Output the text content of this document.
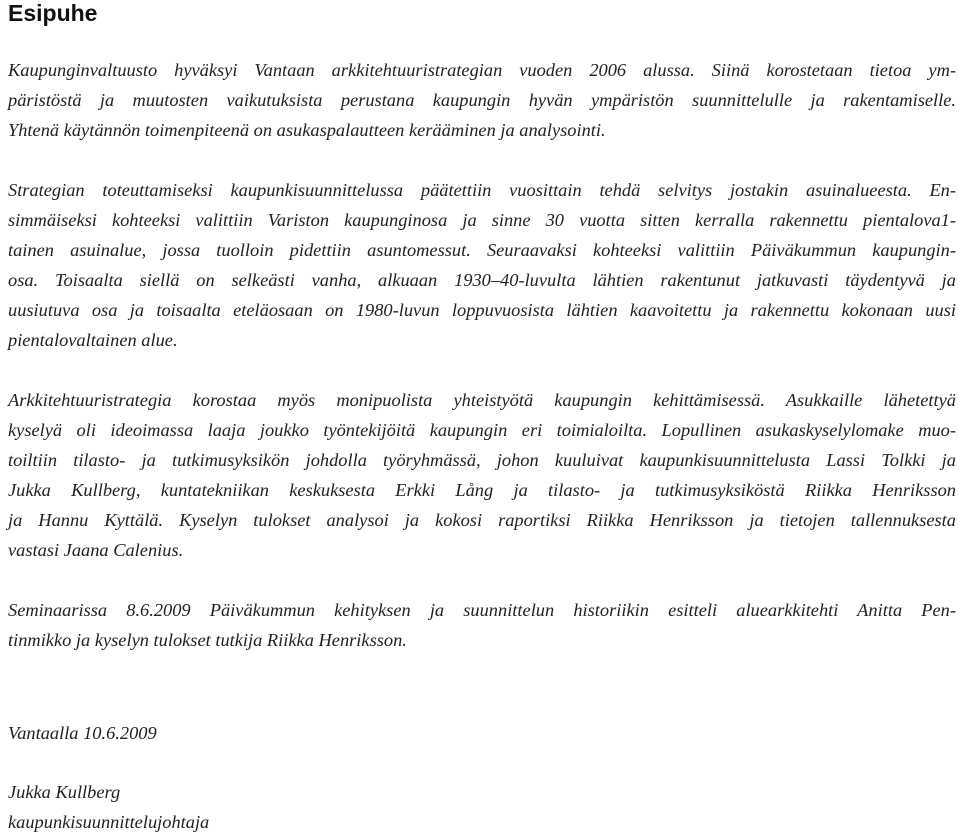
Esipuhe
Kaupunginvaltuusto hyväksyi Vantaan arkkitehtuuristrategian vuoden 2006 alussa. Siinä korostetaan tietoa ym-
päristöstä ja muutosten vaikutuksista perustana kaupungin hyvän ympäristön suunnittelulle ja rakentamiselle.
Yhtenä käytännön toimenpiteenä on asukaspalautteen kerääminen ja analysointi.
Strategian toteuttamiseksi kaupunkisuunnittelussa päätettiin vuosittain tehdä selvitys jostakin asuinalueesta. En-
simmäiseksi kohteeksi valittiin Variston kaupunginosa ja sinne 30 vuotta sitten kerralla rakennettu pientalova1-
tainen asuinalue, jossa tuolloin pidettiin asuntomessut. Seuraavaksi kohteeksi valittiin Päiväkummun kaupungin-
osa. Toisaalta siellä on selkeästi vanha, alkuaan 1930–40-luvulta lähtien rakentunut jatkuvasti täydentyvä ja
uusiutuva osa ja toisaalta eteläosaan on 1980-luvun loppuvuosista lähtien kaavoitettu ja rakennettu kokonaan uusi
pientalovaltainen alue.
Arkkitehtuuristrategia korostaa myös monipuolista yhteistyötä kaupungin kehittämisessä. Asukkaille lähetettyä
kyselyä oli ideoimassa laaja joukko työntekijöitä kaupungin eri toimialoilta. Lopullinen asukaskyselylomake muo-
toiltiin tilasto- ja tutkimusyksikön johdolla työryhmässä, johon kuuluivat kaupunkisuunnittelusta Lassi Tolkki ja
Jukka Kullberg, kuntatekniikan keskuksesta Erkki Lång ja tilasto- ja tutkimusyksiköstä Riikka Henriksson
ja Hannu Kyttälä. Kyselyn tulokset analysoi ja kokosi raportiksi Riikka Henriksson ja tietojen tallennuksesta
vastasi Jaana Calenius.
Seminaarissa 8.6.2009 Päiväkummun kehityksen ja suunnittelun historiikin esitteli aluearkkitehti Anitta Pen-
tinmikko ja kyselyn tulokset tutkija Riikka Henriksson.
Vantaalla 10.6.2009
Jukka Kullberg
kaupunkisuunnittelujohtaja
